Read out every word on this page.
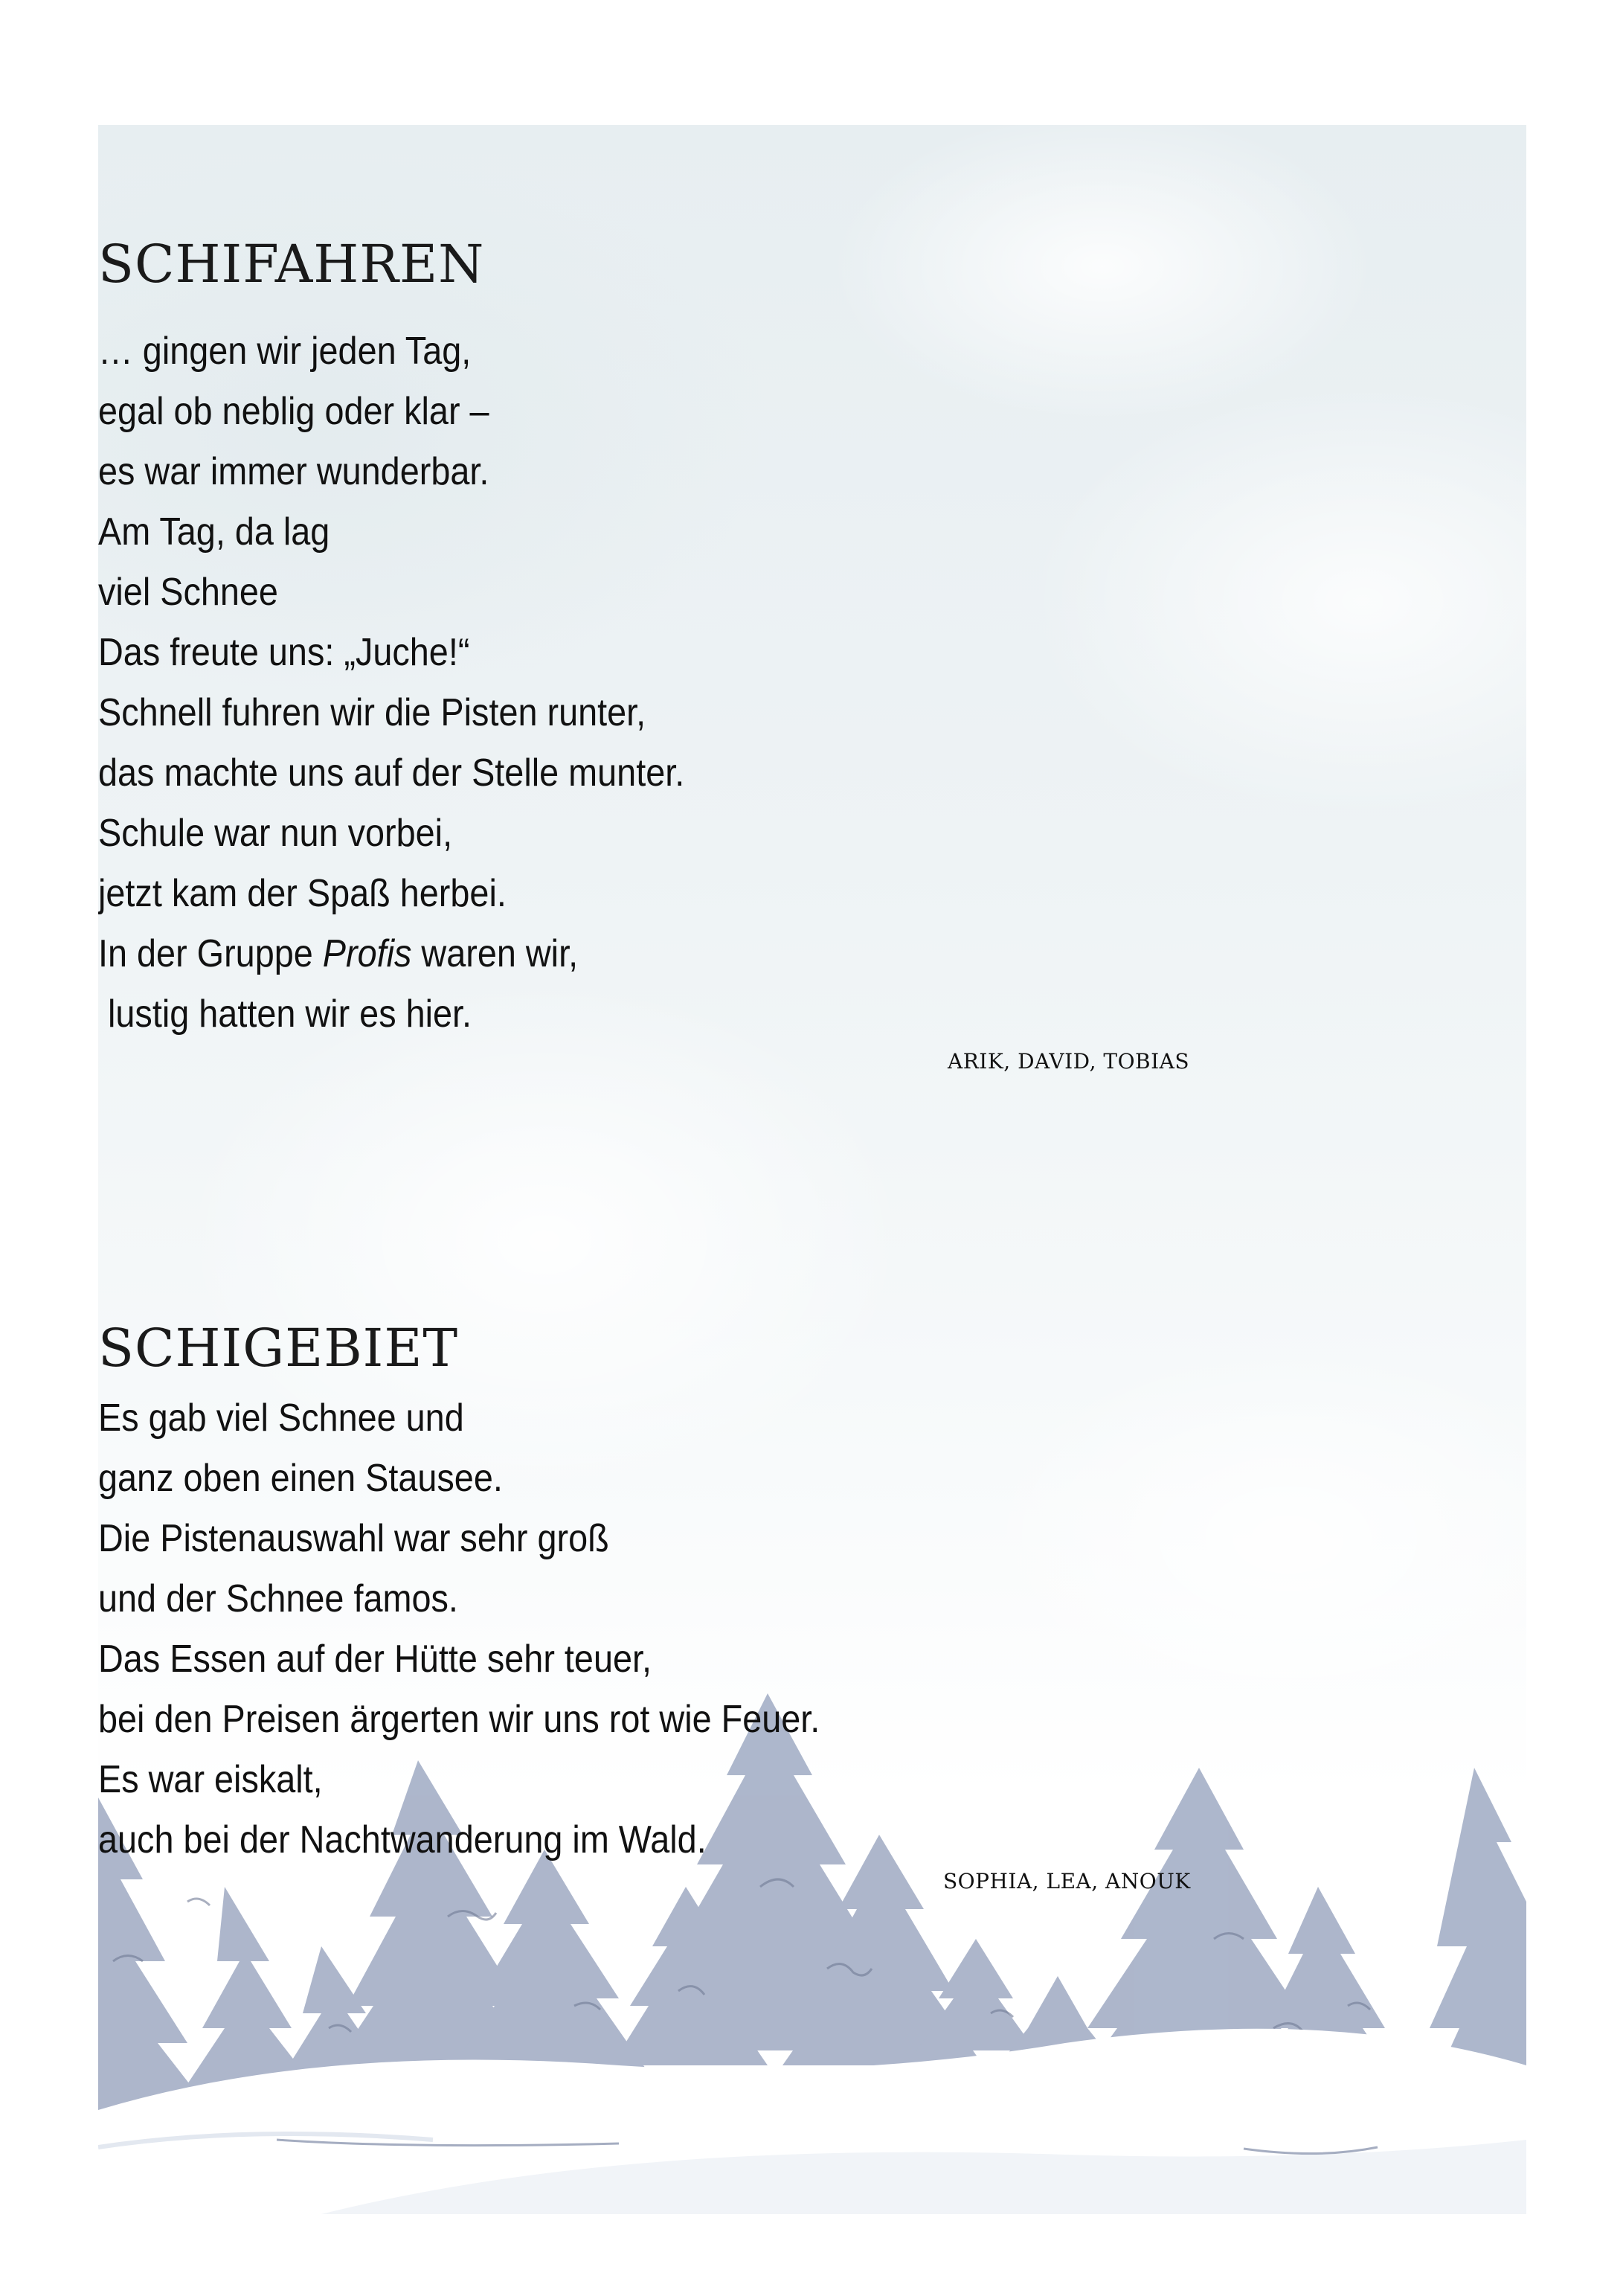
SCHIFAHREN
… gingen wir jeden Tag,
egal ob neblig oder klar –
es war immer wunderbar.
Am Tag, da lag
viel Schnee
Das freute uns: „Juche!“
Schnell fuhren wir die Pisten runter,
das machte uns auf der Stelle munter.
Schule war nun vorbei,
jetzt kam der Spaß herbei.
In der Gruppe Profis waren wir,
lustig hatten wir es hier.
ARIK, DAVID, TOBIAS
SCHIGEBIET
Es gab viel Schnee und
ganz oben einen Stausee.
Die Pistenauswahl war sehr groß
und der Schnee famos.
Das Essen auf der Hütte sehr teuer,
bei den Preisen ärgerten wir uns rot wie Feuer.
Es war eiskalt,
auch bei der Nachtwanderung im Wald.
SOPHIA, LEA, ANOUK
